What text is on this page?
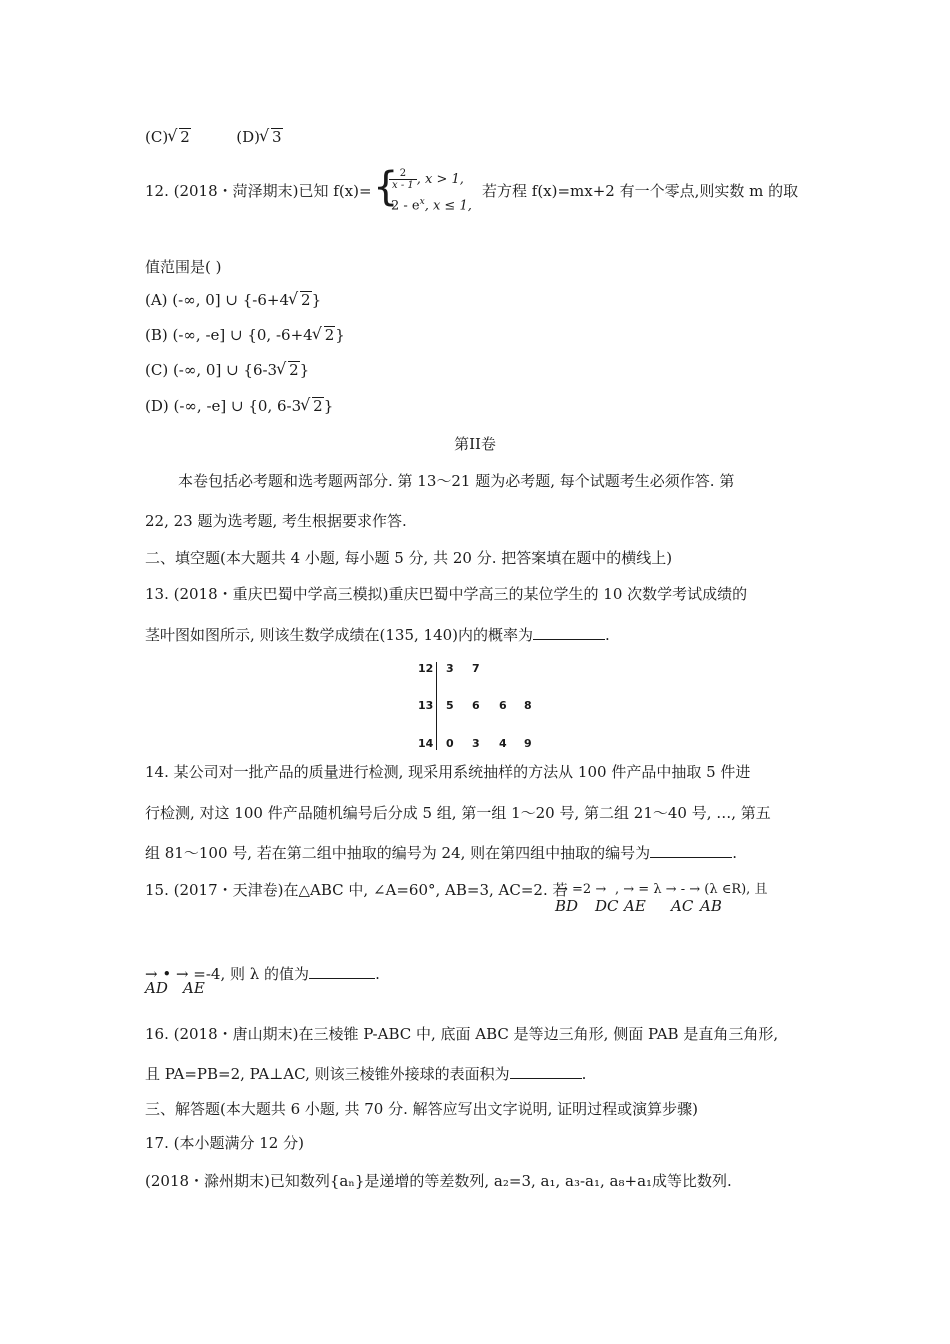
(C) √ 2	(D) √ 3
12. (2018・菏泽期末)已知 f(x)= {
$\frac{2}{x - 1}$ , x > 1,
$2 - e^x$, x ≤ 1,
若方程 f(x)=mx+2 有一个零点,则实数 m 的取
值范围是( )
(A) (-∞, 0] ∪ {-6+4 √ 2}
(B) (-∞, -e] ∪ {0, -6+4 √ 2}
(C) (-∞, 0] ∪ {6-3 √ 2}
(D) (-∞, -e] ∪ {0, 6-3 √ 2}
第II卷
本卷包括必考题和选考题两部分. 第 13～21 题为必考题, 每个试题考生必须作答. 第
22, 23 题为选考题, 考生根据要求作答.
二、填空题(本大题共 4 小题, 每小题 5 分, 共 20 分. 把答案填在题中的横线上)
13. (2018・重庆巴蜀中学高三模拟)重庆巴蜀中学高三的某位学生的 10 次数学考试成绩的
茎叶图如图所示, 则该生数学成绩在(135, 140)内的概率为	.
12 3 7
13 5 6 6 8
14 0 3 4 9
14. 某公司对一批产品的质量进行检测, 现采用系统抽样的方法从 100 件产品中抽取 5 件进
行检测, 对这 100 件产品随机编号后分成 5 组, 第一组 1～20 号, 第二组 21～40 号, …, 第五
组 81～100 号, 若在第二组中抽取的编号为 24, 则在第四组中抽取的编号为	.
15. (2017・天津卷)在△ABC 中, ∠A=60°, AB=3, AC=2. 若
→ =2 → , → = λ → - → (λ ∈R), 且
BD DC AE AC AB
→ • → =-4, 则 λ 的值为	.
AD AE
16. (2018・唐山期末)在三棱锥 P-ABC 中, 底面 ABC 是等边三角形, 侧面 PAB 是直角三角形,
且 PA=PB=2, PA⊥AC, 则该三棱锥外接球的表面积为	.
三、解答题(本大题共 6 小题, 共 70 分. 解答应写出文字说明, 证明过程或演算步骤)
17. (本小题满分 12 分)
(2018・滁州期末)已知数列{aₙ}是递增的等差数列, a₂=3, a₁, a₃-a₁, a₈+a₁成等比数列.
